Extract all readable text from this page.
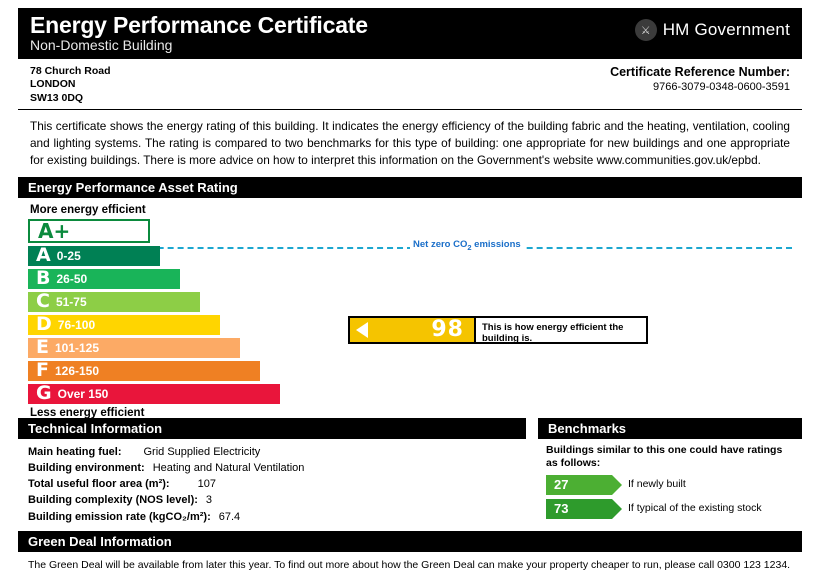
Energy Performance Certificate
Non-Domestic Building
⚔ HM Government
78 Church Road
LONDON
SW13 0DQ
Certificate Reference Number:
9766-3079-0348-0600-3591
This certificate shows the energy rating of this building. It indicates the energy efficiency of the building fabric and the heating, ventilation, cooling and lighting systems. The rating is compared to two benchmarks for this type of building: one appropriate for new buildings and one appropriate for existing buildings. There is more advice on how to interpret this information on the Government's website www.communities.gov.uk/epbd.
Energy Performance Asset Rating
More energy efficient
Net zero $CO_2$ emissions
A+
A 0-25
B 26-50
C 51-75
D 76-100
E 101-125
F 126-150
G Over 150
Less energy efficient
98	This is how energy efficient the building is.
Technical Information
Main heating fuel: Grid Supplied Electricity
Building environment: Heating and Natural Ventilation
Total useful floor area (m²):	107
Building complexity (NOS level): 3
Building emission rate (kgCO₂/m²): 67.4
Benchmarks
Buildings similar to this one could have ratings as follows:
27	If newly built
73	If typical of the existing stock
Green Deal Information
The Green Deal will be available from later this year. To find out more about how the Green Deal can make your property cheaper to run, please call 0300 123 1234.
